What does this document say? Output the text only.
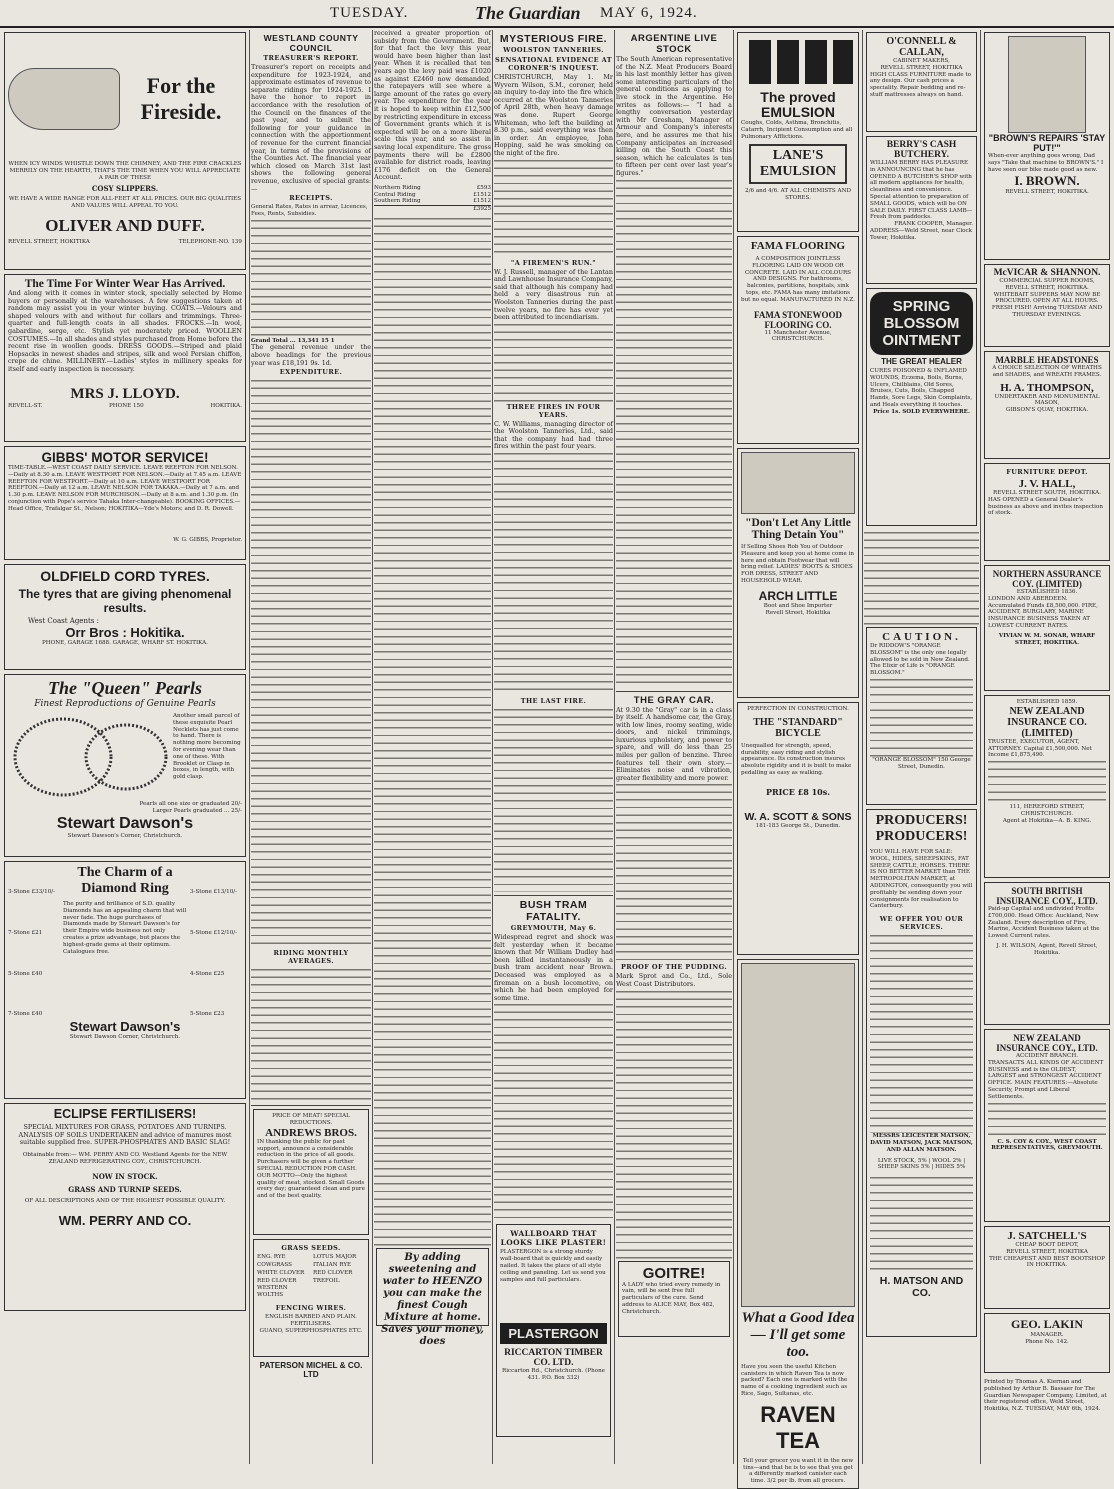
TUESDAY.	The Guardian MAY 6, 1924.
For the Fireside.
WHEN ICY WINDS WHISTLE DOWN THE CHIMNEY, AND THE FIRE CRACKLES MERRILY ON THE HEARTH, THAT'S THE TIME WHEN YOU WILL APPRECIATE A PAIR OF THESE
COSY SLIPPERS.
WE HAVE A WIDE RANGE FOR ALL-FEET AT ALL PRICES. OUR BIG QUALITIES AND VALUES WILL APPEAL TO YOU.
OLIVER AND DUFF.
REVELL STREET, HOKITIKA	TELEPHONE-NO. 139
The Time For Winter Wear Has Arrived.
And along with it comes in winter stock, specially selected by Home buyers or personally at the warehouses. A few suggestions taken at random may assist you in your winter buying. COATS.—Velours and shaped velours with and without fur collars and trimmings. Three-quarter and full-length coats in all shades. FROCKS.—In wool, gabardine, serge, etc. Stylish yet moderately priced. WOOLLEN COSTUMES.—In all shades and styles purchased from Home before the recent rise in woollen goods. DRESS GOODS.—Striped and plaid Hopsacks in newest shades and stripes, silk and wool Persian chiffon, crepe de chine. MILLINERY.—Ladies' styles in millinery speaks for itself and early inspection is necessary.
MRS J. LLOYD.
REVELL-ST.	PHONE 150	HOKITIKA.
GIBBS' MOTOR SERVICE!
TIME-TABLE.—WEST COAST DAILY SERVICE. LEAVE REEFTON FOR NELSON.—Daily at 8.30 a.m. LEAVE WESTPORT FOR NELSON.—Daily at 7.45 a.m. LEAVE REEFTON FOR WESTPORT.—Daily at 10 a.m. LEAVE WESTPORT FOR REEFTON.—Daily at 12 a.m. LEAVE NELSON FOR TAKAKA.—Daily at 7 a.m. and 1.30 p.m. LEAVE NELSON FOR MURCHISON.—Daily at 8 a.m. and 1.30 p.m. (In conjunction with Pope's service Tahaka Inter-changeable). BOOKING OFFICES.—Head Office, Trafalgar St., Nelson; HOKITIKA—Yde's Motors; and D. R. Dowell.
W. G. GIBBS, Proprietor.
OLDFIELD CORD TYRES.
The tyres that are giving phenomenal results.
West Coast Agents :
Orr Bros : Hokitika.
PHONE, GARAGE 1688. GARAGE, WHARF ST. HOKITIKA.
The "Queen" Pearls
Finest Reproductions of Genuine Pearls
Another small parcel of these exquisite Pearl Necklets has just come to hand. There is nothing more becoming for evening wear than one of these. With Brooklet or Clasp in boxes, in length, with gold clasp.
Pearls all one size or graduated 20/-
Larger Pearls graduated ... 25/-
Stewart Dawson's
Stewart Dawson's Corner, Christchurch.
3-Stone £33/10/-
7-Stone £21
5-Stone £40
7-Stone £40
The Charm of a Diamond Ring
The purity and brilliance of S.D. quality Diamonds has an appealing charm that will never fade. The huge purchases of Diamonds made by Stewart Dawson's for their Empire wide business not only creates a prize advantage, but places the highest-grade gems at their optimum. Catalogues free.
Stewart Dawson's
Stewart Dawson Corner, Christchurch.
3-Stone £13/10/-
5-Stone £12/10/-
4-Stone £25
5-Stone £23
ECLIPSE FERTILISERS!
SPECIAL MIXTURES FOR GRASS, POTATOES AND TURNIPS. ANALYSIS OF SOILS UNDERTAKEN and advice of manures most suitable supplied free. SUPER-PHOSPHATES AND BASIC SLAG!
Obtainable from:— WM. PERRY AND CO. Westland Agents for the NEW ZEALAND REFRIGERATING COY., CHRISTCHURCH.
NOW IN STOCK.
GRASS AND TURNIP SEEDS.
OF ALL DESCRIPTIONS AND OF THE HIGHEST POSSIBLE QUALITY.
WM. PERRY AND CO.
WESTLAND COUNTY COUNCIL
TREASURER'S REPORT.
Treasurer's report on receipts and expenditure for 1923-1924, and approximate estimates of revenue to separate ridings for 1924-1925. I have the honor to report in accordance with the resolution of the Council on the finances of the past year, and to submit the following for your guidance in connection with the apportionment of revenue for the current financial year, in terms of the provisions of the Counties Act. The financial year which closed on March 31st last shows the following general revenue, exclusive of special grants:—
RECEIPTS.
General Rates, Rates in arrear, Licences, Fees, Rents, Subsidies.
Grand Total ... 13,341 15 1
The general revenue under the above headings for the previous year was £18,191 9s. 1d.
EXPENDITURE.
RIDING MONTHLY AVERAGES.
PRICE OF MEAT! SPECIAL REDUCTIONS.
ANDREWS BROS.
IN thanking the public for past support, announce a considerable reduction in the price of all goods. Purchasers will be given a further SPECIAL REDUCTION FOR CASH. OUR MOTTO—Only the highest quality of meat, stocked. Small Goods every day; guaranteed clean and pure and of the best quality.
GRASS SEEDS.
ENG. RYE	LOTUS MAJOR
COWGRASS	ITALIAN RYE
WHITE CLOVER	RED CLOVER
RED CLOVER	TREFOIL
WESTERN WOLTHS
FENCING WIRES.
ENGLISH BARBED AND PLAIN. FERTILISERS.
GUANO, SUPERPHOSPHATES ETC.
PATERSON MICHEL & CO. LTD
received a greater proportion of subsidy from the Government. But, for that fact the levy this year would have been higher than last year. When it is recalled that ten years ago the levy paid was £1020 as against £2460 now demanded, the ratepayers will see where a large amount of the rates go every year. The expenditure for the year it is hoped to keep within £12,500 by restricting expenditure in excess of Government grants which it is expected will be on a more liberal scale this year, and so assist in saving local expenditure. The gross payments there will be £2800 available for district roads, leaving £176 deficit on the General Account.
Northern Riding	£593
Central Riding	£1512
Southern Riding	£1512
£3925
By adding sweetening and water to HEENZO you can make the finest Cough Mixture at home. Saves your money, does
MYSTERIOUS FIRE.
WOOLSTON TANNERIES.
SENSATIONAL EVIDENCE AT CORONER'S INQUEST.
CHRISTCHURCH, May 1. Mr Wyvern Wilson, S.M., coroner, held an inquiry to-day into the fire which occurred at the Woolston Tanneries of April 28th, when heavy damage was done. Rupert George Whiteman, who left the building at 8.30 p.m., said everything was then in order. An employee, John Hopping, said he was smoking on the night of the fire.
"A FIREMEN'S RUN."
W. J. Russell, manager of the Lantan and Lawnhouse Insurance Company, said that although his company had held a very disastrous run at Woolston Tanneries during the past twelve years, no fire has ever yet been attributed to incendiarism.
THREE FIRES IN FOUR YEARS.
C. W. Williams, managing director of the Woolston Tanneries, Ltd., said that the company had had three fires within the past four years.
THE LAST FIRE.
BUSH TRAM FATALITY.
GREYMOUTH, May 6.
Widespread regret and shock was felt yesterday when it became known that Mr William Dudley had been killed instantaneously in a bush tram accident near Brown. Deceased was employed as a fireman on a bush locomotive, on which he had been employed for some time.
WALLBOARD THAT LOOKS LIKE PLASTER!
PLASTERGON is a strong sturdy wall-board that is quickly and easily nailed. It takes the place of all style ceiling and paneling. Let us send you samples and full particulars.
PLASTERGON
RICCARTON TIMBER CO. LTD.
Riccarton Rd., Christchurch. (Phone 431. P.O. Box 332)
ARGENTINE LIVE STOCK
The South American representative of the N.Z. Meat Producers Board in his last monthly letter has given some interesting particulars of the general conditions as applying to live stock in the Argentine. He writes as follows:— "I had a lengthy conversation yesterday with Mr Gresham, Manager of Armour and Company's interests here, and he assures me that his Company anticipates an increased killing on the South Coast this season, which he calculates is ten to fifteen per cent over last year's figures."
THE GRAY CAR.
At 9.30 the "Gray" car is in a class by itself. A handsome car, the Gray, with low lines, roomy seating, wide doors, and nickel trimmings, luxurious upholstery, and power to spare, and will do less than 25 miles per gallon of benzine. Three features tell their own story.—Eliminates noise and vibration, greater flexibility and more power.
PROOF OF THE PUDDING.
Mark Sprot and Co., Ltd., Sole West Coast Distributors.
GOITRE!
A LADY who tried every remedy in vain, will be sent free full particulars of the cure. Send address to ALICE MAY, Box 482, Christchurch.
The proved EMULSION
Coughs, Colds, Asthma, Bronchitis, Catarrh, Incipient Consumption and all Pulmonary Afflictions.
LANE'S EMULSION
2/6 and 4/6. AT ALL CHEMISTS AND STORES.
FAMA FLOORING
A COMPOSITION JOINTLESS FLOORING LAID ON WOOD OR CONCRETE. LAID IN ALL COLOURS AND DESIGNS. For bathrooms, balconies, partitions, hospitals, sink tops, etc. FAMA has many imitations but no equal. MANUFACTURED IN N.Z.
FAMA STONEWOOD FLOORING CO.
11 Manchester Avenue, CHRISTCHURCH.
"Don't Let Any Little Thing Detain You"
If Selling Shoes Rob You of Outdoor Pleasure and keep you at home come in here and obtain Footwear that will bring relief. LADIES' BOOTS & SHOES FOR DRESS, STREET AND HOUSEHOLD WEAR.
ARCH LITTLE
Boot and Shoe Importer
Revell Street, Hokitika
PERFECTION IN CONSTRUCTION.
THE "STANDARD" BICYCLE
Unequalled for strength, speed, durability, easy riding and stylish appearance. Its construction insures absolute rigidity and it is built to make pedalling as easy as walking.
PRICE £8 10s.
W. A. SCOTT & SONS
181-183 George St., Dunedin.
What a Good Idea — I'll get some too.
Have you seen the useful Kitchen canisters in which Raven Tea is now packed? Each one is marked with the name of a cooking ingredient such as Rice, Sago, Sultanas, etc.
RAVEN TEA
Tell your grocer you want it in the new tins—and that he is to see that you get a differently marked canister each time. 3/2 per lb. from all grocers.
O'CONNELL & CALLAN,
CABINET MAKERS,
REVELL STREET, HOKITIKA
HIGH CLASS FURNITURE made to any design. Our cash prices a speciality. Repair bedding and re-stuff mattresses always on hand.
BERRY'S CASH BUTCHERY.
WILLIAM BERRY HAS PLEASURE in ANNOUNCING that he has OPENED A BUTCHER'S SHOP with all modern appliances for health, cleanliness and convenience. Special attention to preparation of SMALL GOODS, which will be ON SALE DAILY. FIRST CLASS LAMB—Fresh from paddocks.
FRANK COOPER, Manager.
ADDRESS—Weld Street, near Clock Tower, Hokitika.
SPRING BLOSSOM OINTMENT
THE GREAT HEALER
CURES POISONED & INFLAMED WOUNDS, Eczema, Boils, Burns, Ulcers, Chilblains, Old Sores, Bruises, Cuts, Boils, Chapped Hands, Sore Legs, Skin Complaints, and Heals everything it touches.
Price 1s. SOLD EVERYWHERE.
CAUTION.
Dr RIDDOW'S "ORANGE BLOSSOM" is the only one legally allowed to be sold in New Zealand. The Elixir of Life is "ORANGE BLOSSOM."
"ORANGE BLOSSOM" 150 George Street, Dunedin.
PRODUCERS! PRODUCERS!
YOU WILL HAVE FOR SALE: WOOL, HIDES, SHEEPSKINS, FAT SHEEP, CATTLE, HORSES. THERE IS NO BETTER MARKET than THE METROPOLITAN MARKET, at ADDINGTON, consequently you will profitably be sending down your consignments for realisation to Canterbury.
WE OFFER YOU OUR SERVICES.
MESSRS LEICESTER MATSON, DAVID MATSON, JACK MATSON, AND ALLAN MATSON.
LIVE STOCK, 5% | WOOL 2% | SHEEP SKINS 5% | HIDES 5%
H. MATSON AND CO.
"BROWN'S REPAIRS 'STAY PUT!'"
When-ever anything goes wrong, Dad says "Take that machine to BROWN'S." I have seen our bike made good as new.
I. BROWN.
REVELL STREET, HOKITIKA.
McVICAR & SHANNON.
COMMERCIAL SUPPER ROOMS,
REVELL STREET, HOKITIKA.
WHITEBAIT SUPPERS MAY NOW BE PROCURED. OPEN AT ALL HOURS. FRESH FISH! Arriving TUESDAY AND THURSDAY EVENINGS.
MARBLE HEADSTONES
A CHOICE SELECTION OF WREATHS and SHADES, and WREATH FRAMES.
H. A. THOMPSON,
UNDERTAKER AND MONUMENTAL MASON,
GIBSON'S QUAY, HOKITIKA.
FURNITURE DEPOT.
J. V. HALL,
REVELL STREET SOUTH, HOKITIKA.
HAS OPENED a General Dealer's business as above and invites inspection of stock.
NORTHERN ASSURANCE COY. (LIMITED)
ESTABLISHED 1836.
LONDON AND ABERDEEN. Accumulated Funds £8,500,000. FIRE, ACCIDENT, BURGLARY, MARINE INSURANCE BUSINESS TAKEN AT LOWEST CURRENT RATES.
VIVIAN W. M. SONAR, WHARF STREET, HOKITIKA.
ESTABLISHED 1859.
NEW ZEALAND INSURANCE CO. (LIMITED)
TRUSTEE, EXECUTOR, AGENT, ATTORNEY. Capital £1,500,000. Net Income £1,875,490.
111, HEREFORD STREET, CHRISTCHURCH.
Agent at Hokitika—A. B. KING.
SOUTH BRITISH INSURANCE COY., LTD.
Paid-up Capital and undivided Profits £700,000. Head Office: Auckland, New Zealand. Every description of Fire, Marine, Accident Business taken at the Lowest Current rates.
J. H. WILSON, Agent, Revell Street, Hokitika.
NEW ZEALAND INSURANCE COY., LTD.
ACCIDENT BRANCH.
TRANSACTS ALL KINDS OF ACCIDENT BUSINESS and is the OLDEST, LARGEST and STRONGEST ACCIDENT OFFICE. MAIN FEATURES:—Absolute Security, Prompt and Liberal Settlements.
C. S. COY & COY., WEST COAST REPRESENTATIVES, GREYMOUTH.
J. SATCHELL'S
CHEAP BOOT DEPOT,
REVELL STREET, HOKITIKA
THE CHEAPEST AND BEST BOOTSHOP IN HOKITIKA.
GEO. LAKIN
MANAGER.
Phone No. 142.
Printed by Thomas A. Kiernan and published by Arthur B. Bassaer for The Guardian Newspaper Company, Limited, at their registered office, Weld Street, Hokitika, N.Z. TUESDAY, MAY 6th, 1924.
